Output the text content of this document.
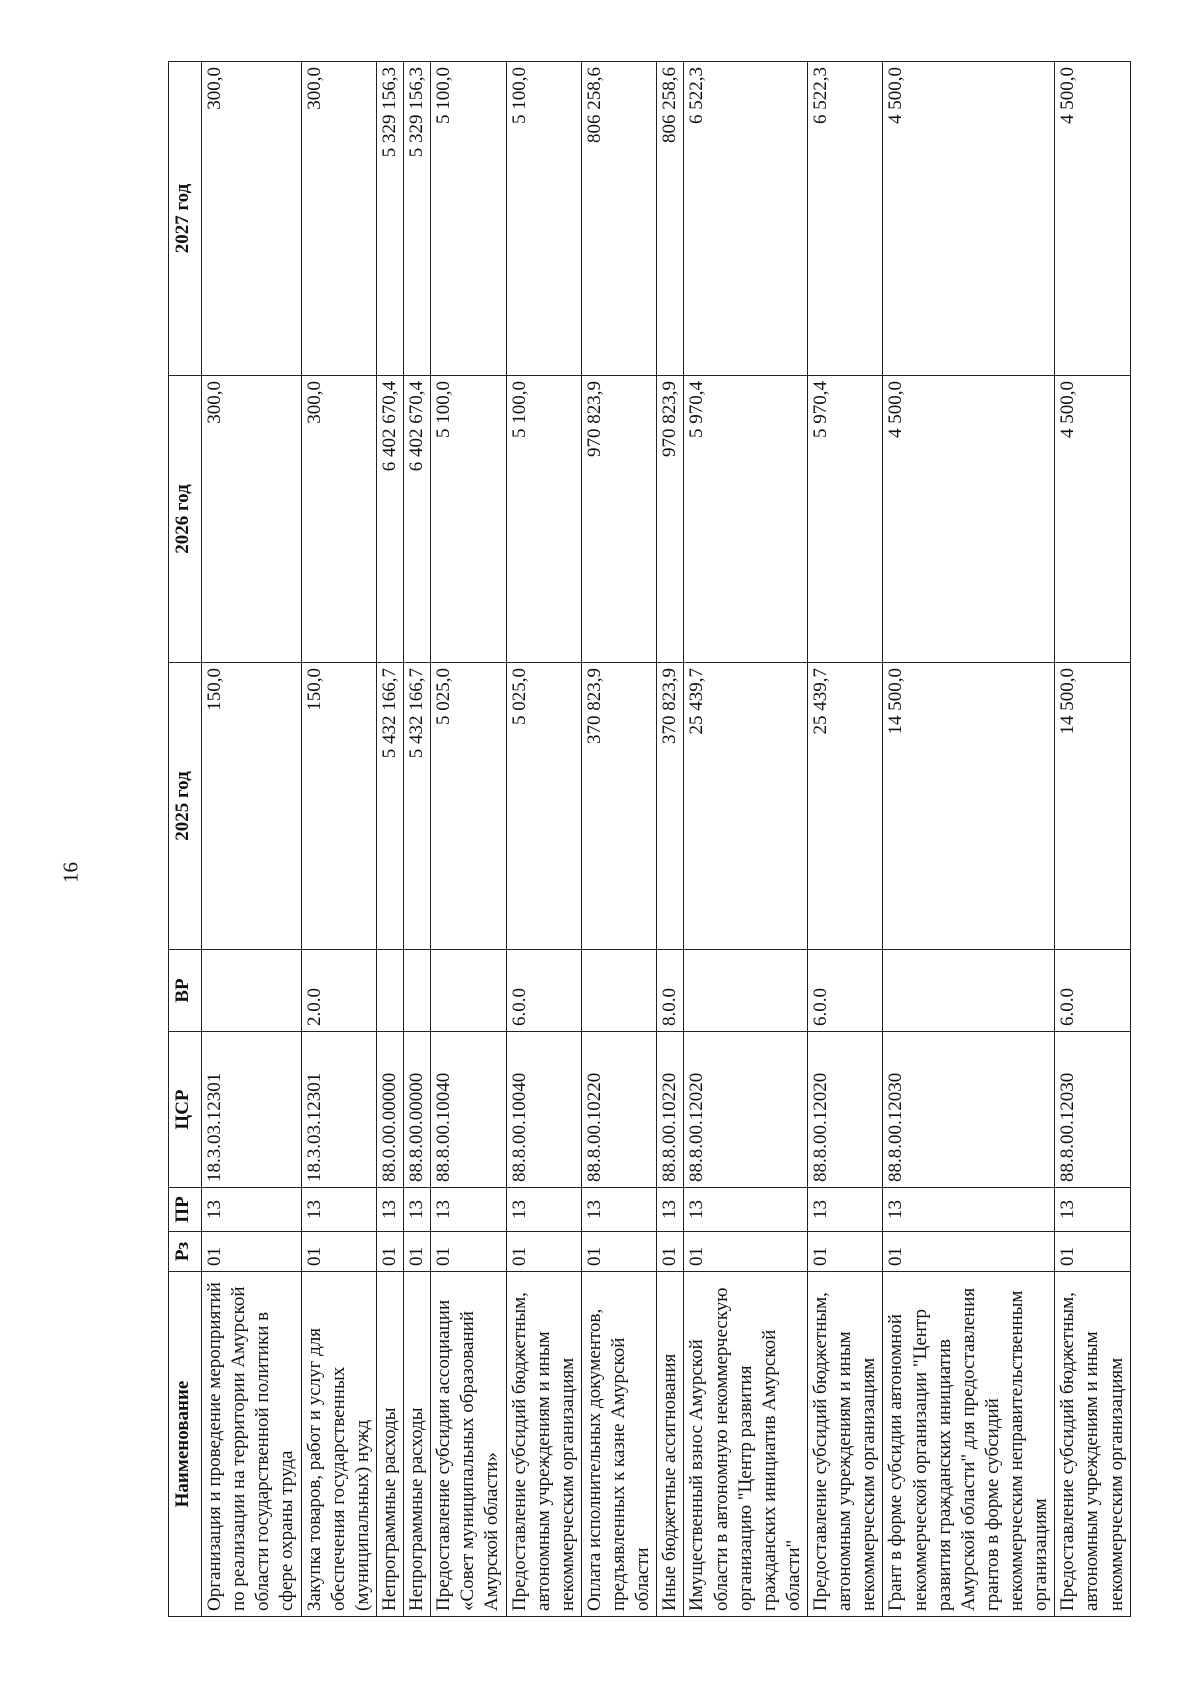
16
Наименование	Рз	ПР	ЦСР	ВР	2025 год	2026 год	2027 год
Организация и проведение мероприятий по реализации на территории Амурской области государственной политики в сфере охраны труда	01	13	18.3.03.12301		150,0	300,0	300,0
Закупка товаров, работ и услуг для обеспечения государственных (муниципальных) нужд	01	13	18.3.03.12301	2.0.0	150,0	300,0	300,0
Непрограммные расходы	01	13	88.0.00.00000		5 432 166,7	6 402 670,4	5 329 156,3
Непрограммные расходы	01	13	88.8.00.00000		5 432 166,7	6 402 670,4	5 329 156,3
Предоставление субсидии ассоциации «Совет муниципальных образований Амурской области»	01	13	88.8.00.10040		5 025,0	5 100,0	5 100,0
Предоставление субсидий бюджетным, автономным учреждениям и иным некоммерческим организациям	01	13	88.8.00.10040	6.0.0	5 025,0	5 100,0	5 100,0
Оплата исполнительных документов, предъявленных к казне Амурской области	01	13	88.8.00.10220		370 823,9	970 823,9	806 258,6
Иные бюджетные ассигнования	01	13	88.8.00.10220	8.0.0	370 823,9	970 823,9	806 258,6
Имущественный взнос Амурской области в автономную некоммерческую организацию "Центр развития гражданских инициатив Амурской области"	01	13	88.8.00.12020		25 439,7	5 970,4	6 522,3
Предоставление субсидий бюджетным, автономным учреждениям и иным некоммерческим организациям	01	13	88.8.00.12020	6.0.0	25 439,7	5 970,4	6 522,3
Грант в форме субсидии автономной некоммерческой организации "Центр развития гражданских инициатив Амурской области" для предоставления грантов в форме субсидий некоммерческим неправительственным организациям	01	13	88.8.00.12030		14 500,0	4 500,0	4 500,0
Предоставление субсидий бюджетным, автономным учреждениям и иным некоммерческим организациям	01	13	88.8.00.12030	6.0.0	14 500,0	4 500,0	4 500,0
